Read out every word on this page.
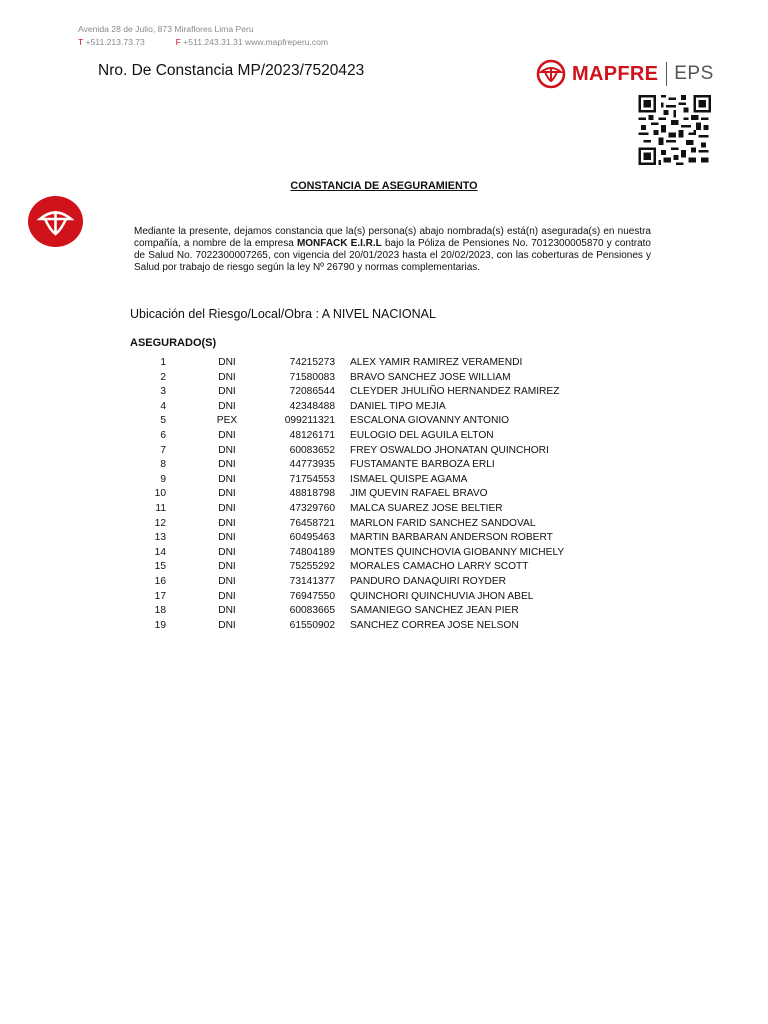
Avenida 28 de Julio, 873 Miraflores Lima Peru
T +511.213.73.73	F +511.243.31.31 www.mapfreperu.com
Nro. De Constancia MP/2023/7520423	MAPFRE EPS
CONSTANCIA DE ASEGURAMIENTO
Mediante la presente, dejamos constancia que la(s) persona(s) abajo nombrada(s) está(n) asegurada(s) en nuestra compañía, a nombre de la empresa MONFACK E.I.R.L bajo la Póliza de Pensiones No. 7012300005870 y contrato de Salud No. 7022300007265, con vigencia del 20/01/2023 hasta el 20/02/2023, con las coberturas de Pensiones y Salud por trabajo de riesgo según la ley Nº 26790 y normas complementarias.
Ubicación del Riesgo/Local/Obra : A NIVEL NACIONAL
ASEGURADO(S)
1	DNI	74215273 ALEX YAMIR RAMIREZ VERAMENDI
2	DNI	71580083 BRAVO SANCHEZ JOSE WILLIAM
3	DNI	72086544 CLEYDER JHULIÑO HERNANDEZ RAMIREZ
4	DNI	42348488 DANIEL TIPO MEJIA
5	PEX	099211321 ESCALONA GIOVANNY ANTONIO
6	DNI	48126171 EULOGIO DEL AGUILA ELTON
7	DNI	60083652 FREY OSWALDO JHONATAN QUINCHORI
8	DNI	44773935 FUSTAMANTE BARBOZA ERLI
9	DNI	71754553 ISMAEL QUISPE AGAMA
10	DNI	48818798 JIM QUEVIN RAFAEL BRAVO
11	DNI	47329760 MALCA SUAREZ JOSE BELTIER
12	DNI	76458721 MARLON FARID SANCHEZ SANDOVAL
13	DNI	60495463 MARTIN BARBARAN ANDERSON ROBERT
14	DNI	74804189 MONTES QUINCHOVIA GIOBANNY MICHELY
15	DNI	75255292 MORALES CAMACHO LARRY SCOTT
16	DNI	73141377 PANDURO DANAQUIRI ROYDER
17	DNI	76947550 QUINCHORI QUINCHUVIA JHON ABEL
18	DNI	60083665 SAMANIEGO SANCHEZ JEAN PIER
19	DNI	61550902 SANCHEZ CORREA JOSE NELSON
